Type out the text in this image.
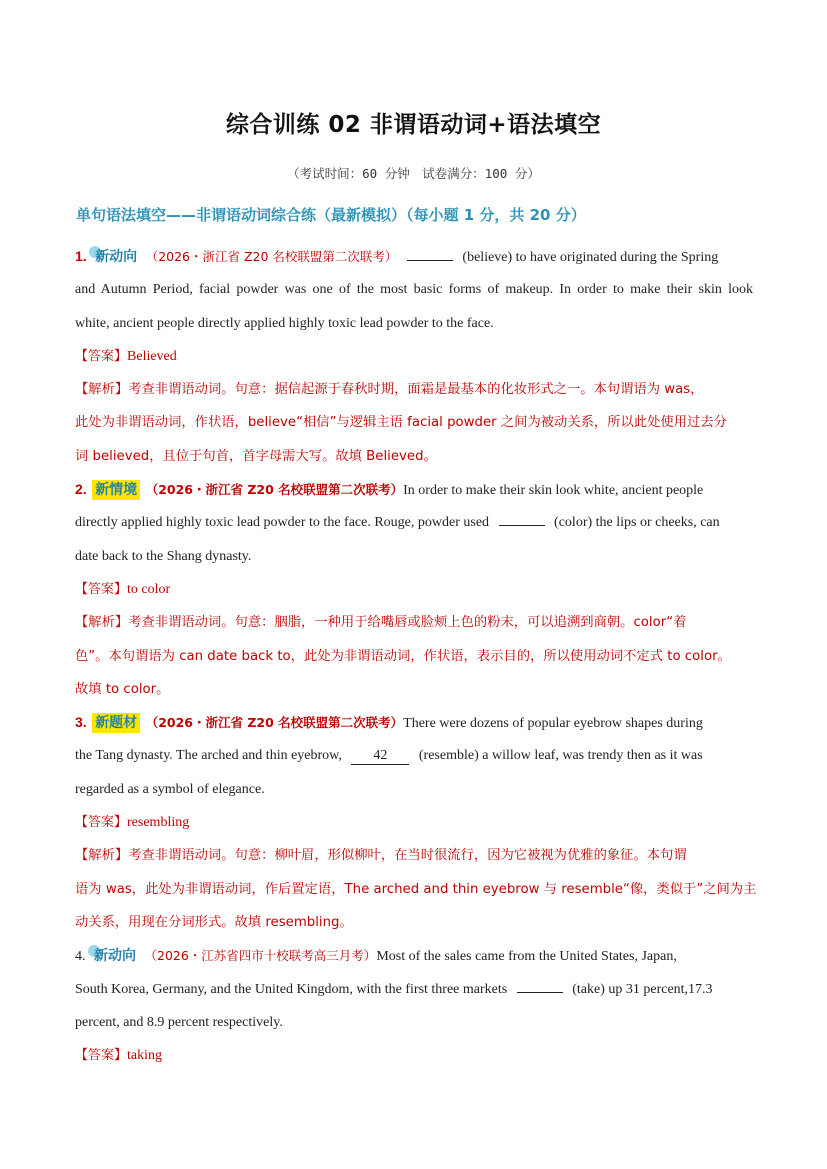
综合训练 02 非谓语动词+语法填空
（考试时间：60 分钟　试卷满分：100 分）
单句语法填空——非谓语动词综合练（最新模拟）（每小题 1 分，共 20 分）
1. 新动向 （2026・浙江省 Z20 名校联盟第二次联考）	(believe) to have originated during the Spring
and Autumn Period, facial powder was one of the most basic forms of makeup. In order to make their skin look
white, ancient people directly applied highly toxic lead powder to the face.
【答案】Believed
【解析】考查非谓语动词。句意：据信起源于春秋时期，面霜是最基本的化妆形式之一。本句谓语为 was，
此处为非谓语动词，作状语，believe“相信”与逻辑主语 facial powder 之间为被动关系，所以此处使用过去分
词 believed，且位于句首，首字母需大写。故填 Believed。
2. 新情境 （2026・浙江省 Z20 名校联盟第二次联考）In order to make their skin look white, ancient people
directly applied highly toxic lead powder to the face. Rouge, powder used	(color) the lips or cheeks, can
date back to the Shang dynasty.
【答案】to color
【解析】考查非谓语动词。句意：胭脂，一种用于给嘴唇或脸颊上色的粉末，可以追溯到商朝。color“着
色”。本句谓语为 can date back to，此处为非谓语动词，作状语，表示目的，所以使用动词不定式 to color。
故填 to color。
3. 新题材 （2026・浙江省 Z20 名校联盟第二次联考）There were dozens of popular eyebrow shapes during
the Tang dynasty. The arched and thin eyebrow, 42 (resemble) a willow leaf, was trendy then as it was
regarded as a symbol of elegance.
【答案】resembling
【解析】考查非谓语动词。句意：柳叶眉，形似柳叶，在当时很流行，因为它被视为优雅的象征。本句谓
语为 was，此处为非谓语动词，作后置定语，The arched and thin eyebrow 与 resemble“像，类似于”之间为主
动关系，用现在分词形式。故填 resembling。
4. 新动向 （2026・江苏省四市十校联考高三月考）Most of the sales came from the United States, Japan,
South Korea, Germany, and the United Kingdom, with the first three markets	(take) up 31 percent,17.3
percent, and 8.9 percent respectively.
【答案】taking
